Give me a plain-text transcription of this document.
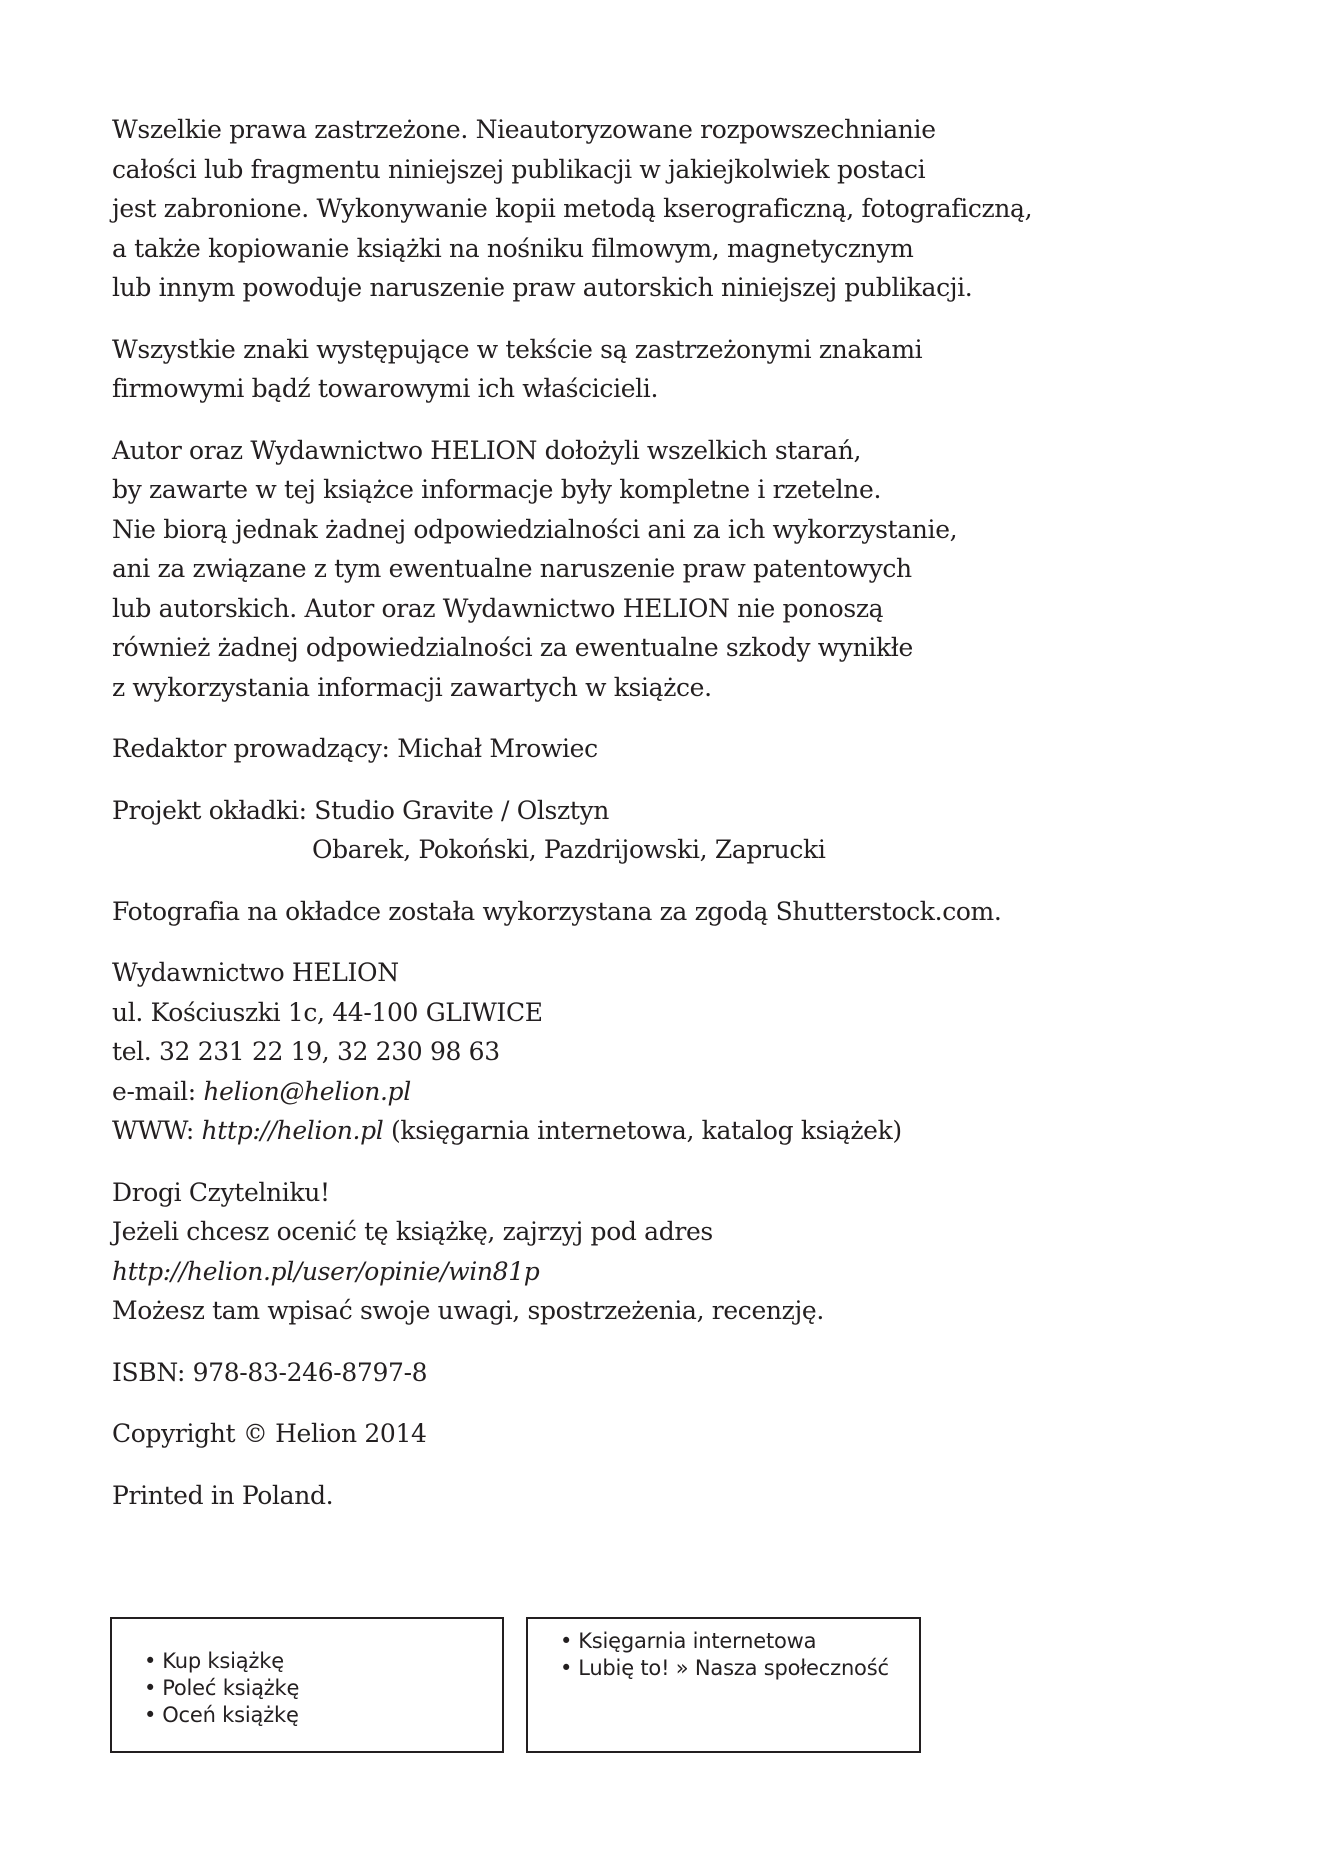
Wszelkie prawa zastrzeżone. Nieautoryzowane rozpowszechnianie
całości lub fragmentu niniejszej publikacji w jakiejkolwiek postaci
jest zabronione. Wykonywanie kopii metodą kserograficzną, fotograficzną,
a także kopiowanie książki na nośniku filmowym, magnetycznym
lub innym powoduje naruszenie praw autorskich niniejszej publikacji.

Wszystkie znaki występujące w tekście są zastrzeżonymi znakami
firmowymi bądź towarowymi ich właścicieli.

Autor oraz Wydawnictwo HELION dołożyli wszelkich starań,
by zawarte w tej książce informacje były kompletne i rzetelne.
Nie biorą jednak żadnej odpowiedzialności ani za ich wykorzystanie,
ani za związane z tym ewentualne naruszenie praw patentowych
lub autorskich. Autor oraz Wydawnictwo HELION nie ponoszą
również żadnej odpowiedzialności za ewentualne szkody wynikłe
z wykorzystania informacji zawartych w książce.

Redaktor prowadzący: Michał Mrowiec

Projekt okładki: Studio Gravite / Olsztyn
Obarek, Pokoński, Pazdrijowski, Zaprucki

Fotografia na okładce została wykorzystana za zgodą Shutterstock.com.

Wydawnictwo HELION
ul. Kościuszki 1c, 44-100 GLIWICE
tel. 32 231 22 19, 32 230 98 63
e-mail: helion@helion.pl
WWW: http://helion.pl (księgarnia internetowa, katalog książek)

Drogi Czytelniku!
Jeżeli chcesz ocenić tę książkę, zajrzyj pod adres
http://helion.pl/user/opinie/win81p
Możesz tam wpisać swoje uwagi, spostrzeżenia, recenzję.

ISBN: 978-83-246-8797-8

Copyright © Helion 2014

Printed in Poland.

• Kup książkę
• Poleć książkę
• Oceń książkę
• Księgarnia internetowa
• Lubię to! » Nasza społeczność
